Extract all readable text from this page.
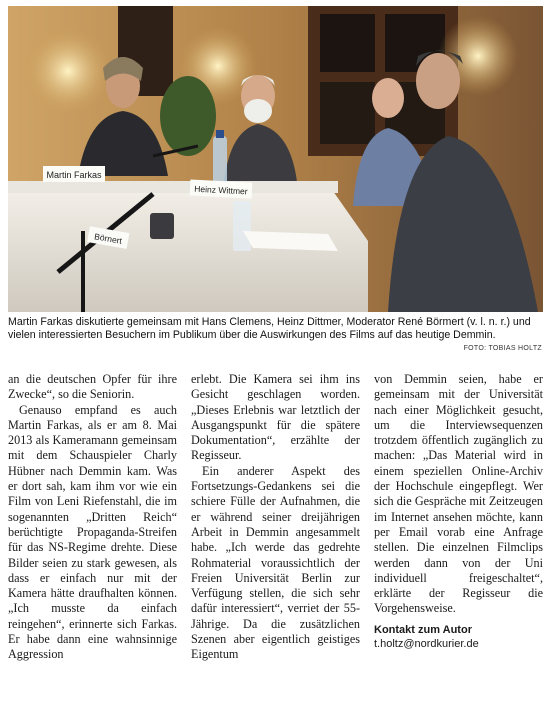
Martin Farkas
Heinz Wittmer
Börnert

Martin Farkas diskutierte gemeinsam mit Hans Clemens, Heinz Dittmer, Moderator René Börmert (v. l. n. r.) und vielen interessierten Besuchern im Publikum über die Auswirkungen des Films auf das heutige Demmin.

FOTO: TOBIAS HOLTZ

an die deutschen Opfer für ihre Zwecke“, so die Seniorin.

Genauso empfand es auch Martin Farkas, als er am 8. Mai 2013 als Kameramann gemeinsam mit dem Schauspieler Charly Hübner nach Demmin kam. Was er dort sah, kam ihm vor wie ein Film von Leni Riefenstahl, die im sogenannten „Dritten Reich“ berüchtigte Propaganda-Streifen für das NS-Regime drehte. Diese Bilder seien zu stark gewesen, als dass er einfach nur mit der Kamera hätte draufhalten können. „Ich musste da einfach reingehen“, erinnerte sich Farkas. Er habe dann eine wahnsinnige Aggression

erlebt. Die Kamera sei ihm ins Gesicht geschlagen worden. „Dieses Erlebnis war letztlich der Ausgangspunkt für die spätere Dokumentation“, erzählte der Regisseur.

Ein anderer Aspekt des Fortsetzungs-Gedankens sei die schiere Fülle der Aufnahmen, die er während seiner dreijährigen Arbeit in Demmin angesammelt habe. „Ich werde das gedrehte Rohmaterial voraussichtlich der Freien Universität Berlin zur Verfügung stellen, die sich sehr dafür interessiert“, verriet der 55-Jährige. Da die zusätzlichen Szenen aber eigentlich geistiges Eigentum

von Demmin seien, habe er gemeinsam mit der Universität nach einer Möglichkeit gesucht, um die Interviewsequenzen trotzdem öffentlich zugänglich zu machen: „Das Material wird in einem speziellen Online-Archiv der Hochschule eingepflegt. Wer sich die Gespräche mit Zeitzeugen im Internet ansehen möchte, kann per Email vorab eine Anfrage stellen. Die einzelnen Filmclips werden dann von der Uni individuell freigeschaltet“, erklärte der Regisseur die Vorgehensweise.

Kontakt zum Autor
t.holtz@nordkurier.de
